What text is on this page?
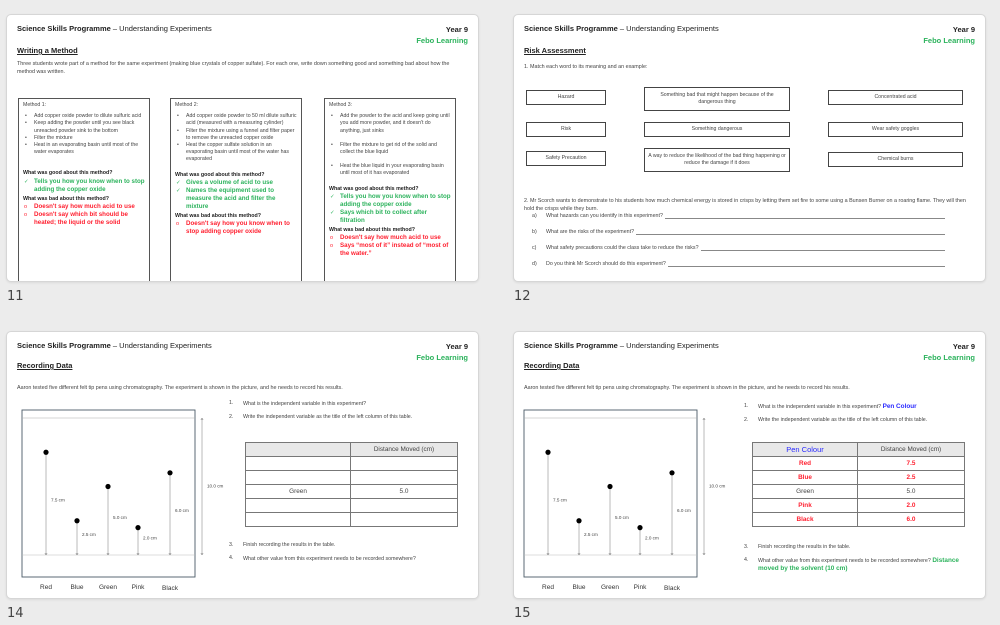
Science Skills Programme – Understanding Experiments	Year 9
Febo Learning
Writing a Method
Three students wrote part of a method for the same experiment (making blue crystals of copper sulfate). For each one, write down something good and something bad about how the method was written.
Method 1:
• Add copper oxide powder to dilute sulfuric acid
• Keep adding the powder until you see black unreacted powder sink to the bottom
• Filter the mixture
• Heat in an evaporating basin until most of the water evaporates
What was good about this method?
✓ Tells you how you know when to stop adding the copper oxide
What was bad about this method?
o Doesn't say how much acid to use
o Doesn't say which bit should be heated; the liquid or the solid
Method 2:
• Add copper oxide powder to 50 ml dilute sulfuric acid (measured with a measuring cylinder)
• Filter the mixture using a funnel and filter paper to remove the unreacted copper oxide
• Heat the copper sulfate solution in an evaporating basin until most of the water has evaporated
What was good about this method?
✓ Gives a volume of acid to use
✓ Names the equipment used to measure the acid and filter the mixture
What was bad about this method?
o Doesn't say how you know when to stop adding copper oxide
Method 3:
• Add the powder to the acid and keep going until you add more powder, and it doesn't do anything, just sinks
• Filter the mixture to get rid of the solid and collect the blue liquid
• Heat the blue liquid in your evaporating basin until most of it has evaporated
What was good about this method?
✓ Tells you how you know when to stop adding the copper oxide
✓ Says which bit to collect after filtration
What was bad about this method?
o Doesn't say how much acid to use
o Says “most of it” instead of “most of the water.”
11
Science Skills Programme – Understanding Experiments	Year 9
Febo Learning
Risk Assessment
1. Match each word to its meaning and an example:
Hazard
Risk
Safety Precaution
Something bad that might happen because of the dangerous thing
Something dangerous
A way to reduce the likelihood of the bad thing happening or reduce the damage if it does
Concentrated acid
Wear safety goggles
Chemical burns
2. Mr Scorch wants to demonstrate to his students how much chemical energy is stored in crisps by letting them set fire to some using a Bunsen Burner on a roaring flame. They will then hold the crisps while they burn.
a)	What hazards can you identify in this experiment?
b)	What are the risks of the experiment?
c)	What safety precautions could the class take to reduce the risks?
d)	Do you think Mr Scorch should do this experiment?
12
Science Skills Programme – Understanding Experiments	Year 9
Febo Learning
Recording Data
Aaron tested five different felt tip pens using chromatography. The experiment is shown in the picture, and he needs to record his results.
7.5 cm
Red
2.5 cm
Blue
5.0 cm
Green
2.0 cm
Pink
6.0 cm
Black
10.0 cm
1. What is the independent variable in this experiment?
2. Write the independent variable as the title of the left column of this table.
	Distance Moved (cm)

Green	5.0

3. Finish recording the results in the table.
4. What other value from this experiment needs to be recorded somewhere?
14
Science Skills Programme – Understanding Experiments	Year 9
Febo Learning
Recording Data
Aaron tested five different felt tip pens using chromatography. The experiment is shown in the picture, and he needs to record his results.
7.5 cm
Red
2.5 cm
Blue
5.0 cm
Green
2.0 cm
Pink
6.0 cm
Black
10.0 cm
1. What is the independent variable in this experiment? Pen Colour
2. Write the independent variable as the title of the left column of this table.
Pen Colour	Distance Moved (cm)
Red	7.5
Blue	2.5
Green	5.0
Pink	2.0
Black	6.0
3. Finish recording the results in the table.
4. What other value from this experiment needs to be recorded somewhere? Distance moved by the solvent (10 cm)
15
